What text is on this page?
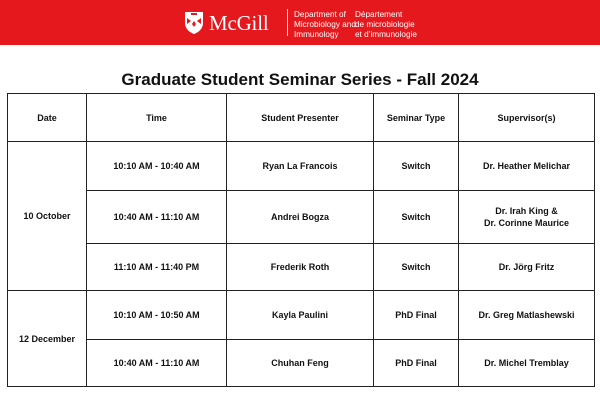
McGill	Department of
Microbiology and
Immunology
Département
de microbiologie
et d’immunologie
Graduate Student Seminar Series - Fall 2024
Date	Time	Student Presenter	Seminar Type	Supervisor(s)
10 October	10:10 AM - 10:40 AM	Ryan La Francois	Switch	Dr. Heather Melichar

	10:40 AM - 11:10 AM	Andrei Bogza	Switch	Dr. Irah King &
Dr. Corinne Maurice

	11:10 AM - 11:40 PM	Frederik Roth	Switch	Dr. Jörg Fritz

12 December	10:10 AM - 10:50 AM	Kayla Paulini	PhD Final	Dr. Greg Matlashewski

	10:40 AM - 11:10 AM	Chuhan Feng	PhD Final	Dr. Michel Tremblay
